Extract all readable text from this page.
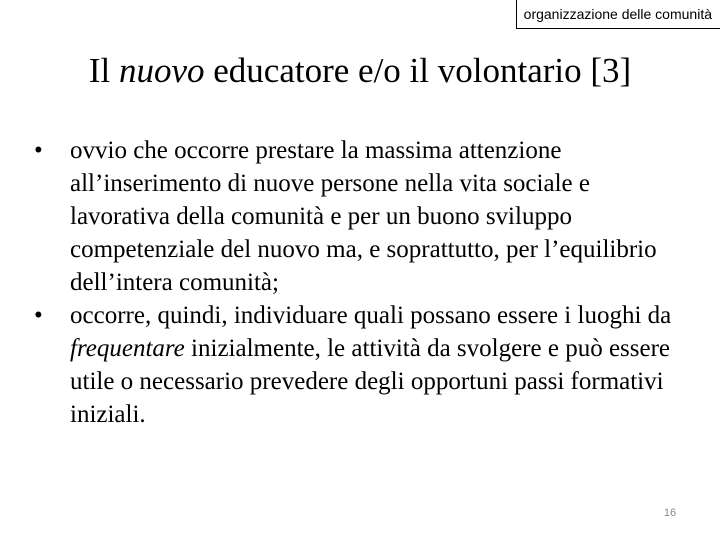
organizzazione delle comunità
Il nuovo educatore e/o il volontario [3]
•	ovvio che occorre prestare la massima attenzione all’inserimento di nuove persone nella vita sociale e lavorativa della comunità e per un buono sviluppo competenziale del nuovo ma, e soprattutto, per l’equilibrio dell’intera comunità;
•	occorre, quindi, individuare quali possano essere i luoghi da frequentare inizialmente, le attività da svolgere e può essere utile o necessario prevedere degli opportuni passi formativi iniziali.
16
